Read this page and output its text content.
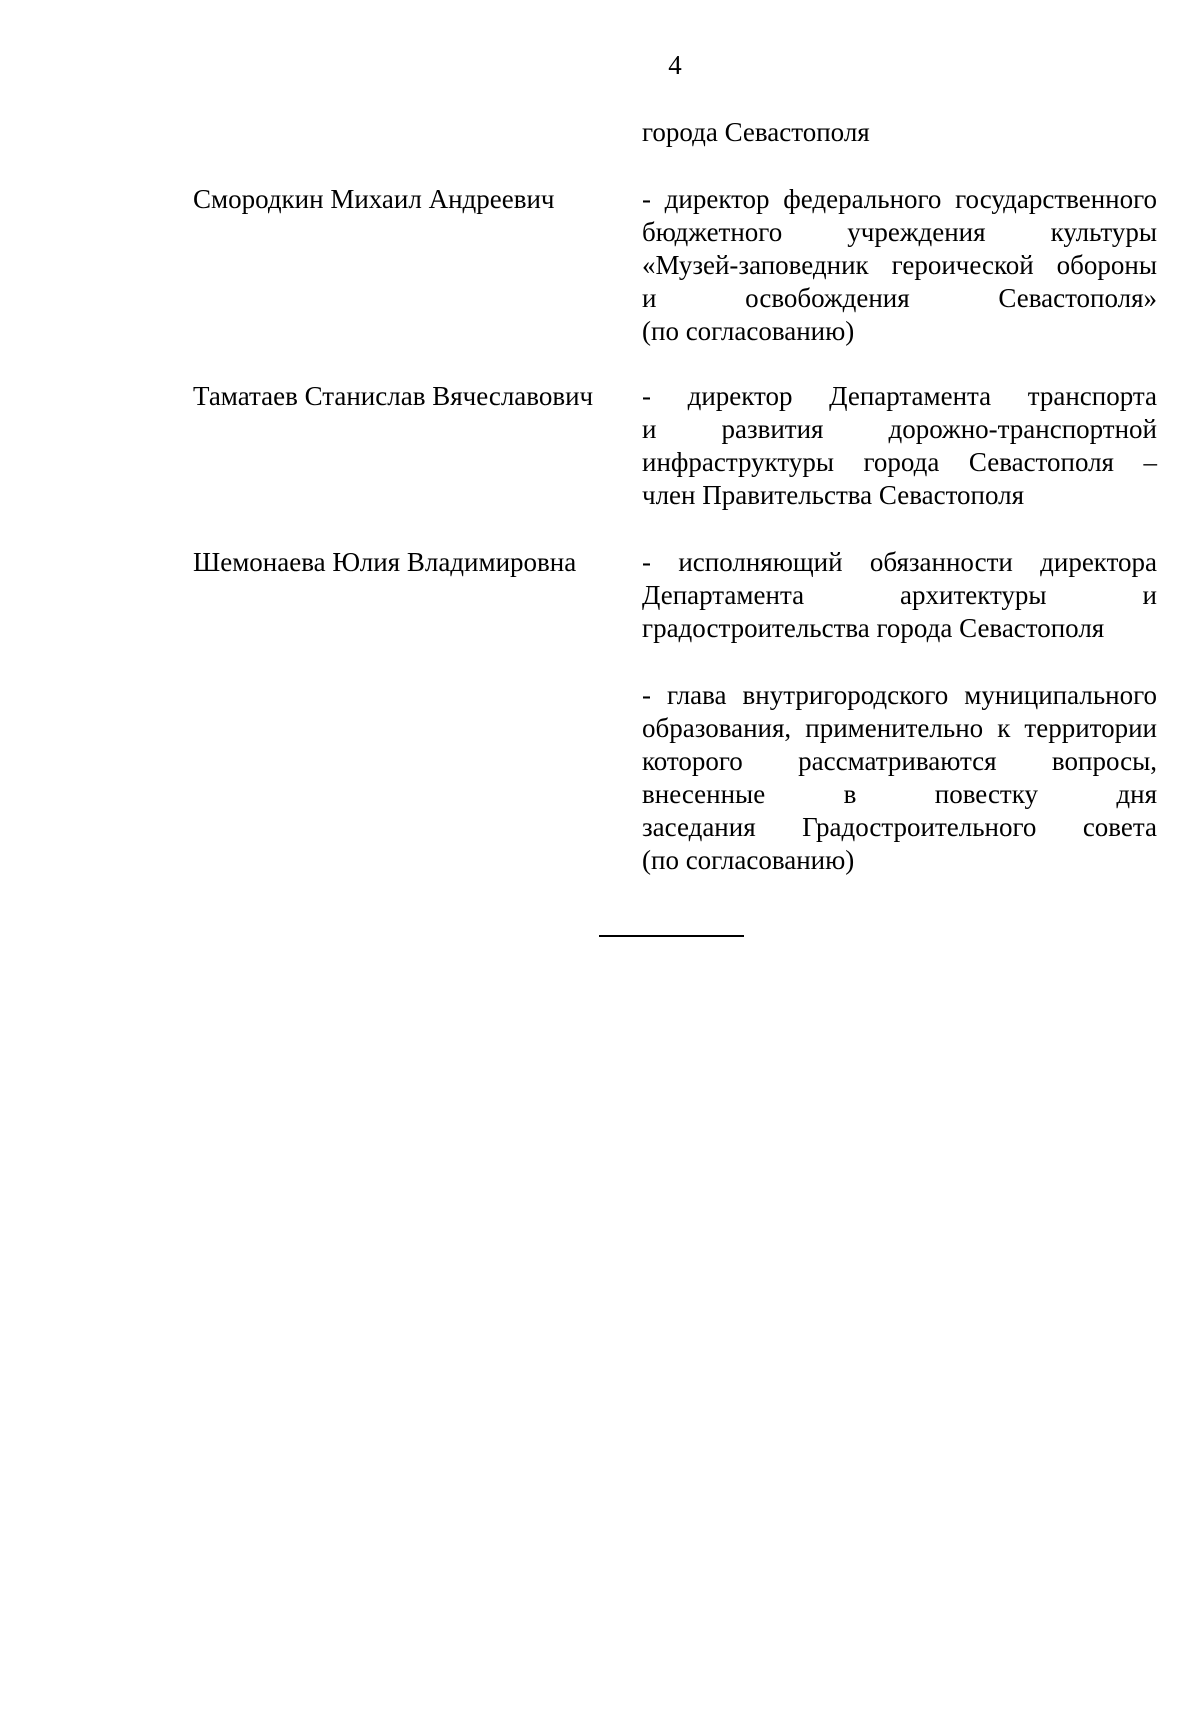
4
города Севастополя
Смородкин Михаил Андреевич	- директор федерального государственного
бюджетного учреждения культуры
«Музей-заповедник героической обороны
и освобождения Севастополя»
(по согласованию)
Таматаев Станислав Вячеславович - директор Департамента транспорта
и развития дорожно-транспортной
инфраструктуры города Севастополя –
член Правительства Севастополя
Шемонаева Юлия Владимировна - исполняющий обязанности директора
Департамента архитектуры и
градостроительства города Севастополя
- глава внутригородского муниципального
образования, применительно к территории
которого рассматриваются вопросы,
внесенные в повестку дня
заседания Градостроительного совета
(по согласованию)
